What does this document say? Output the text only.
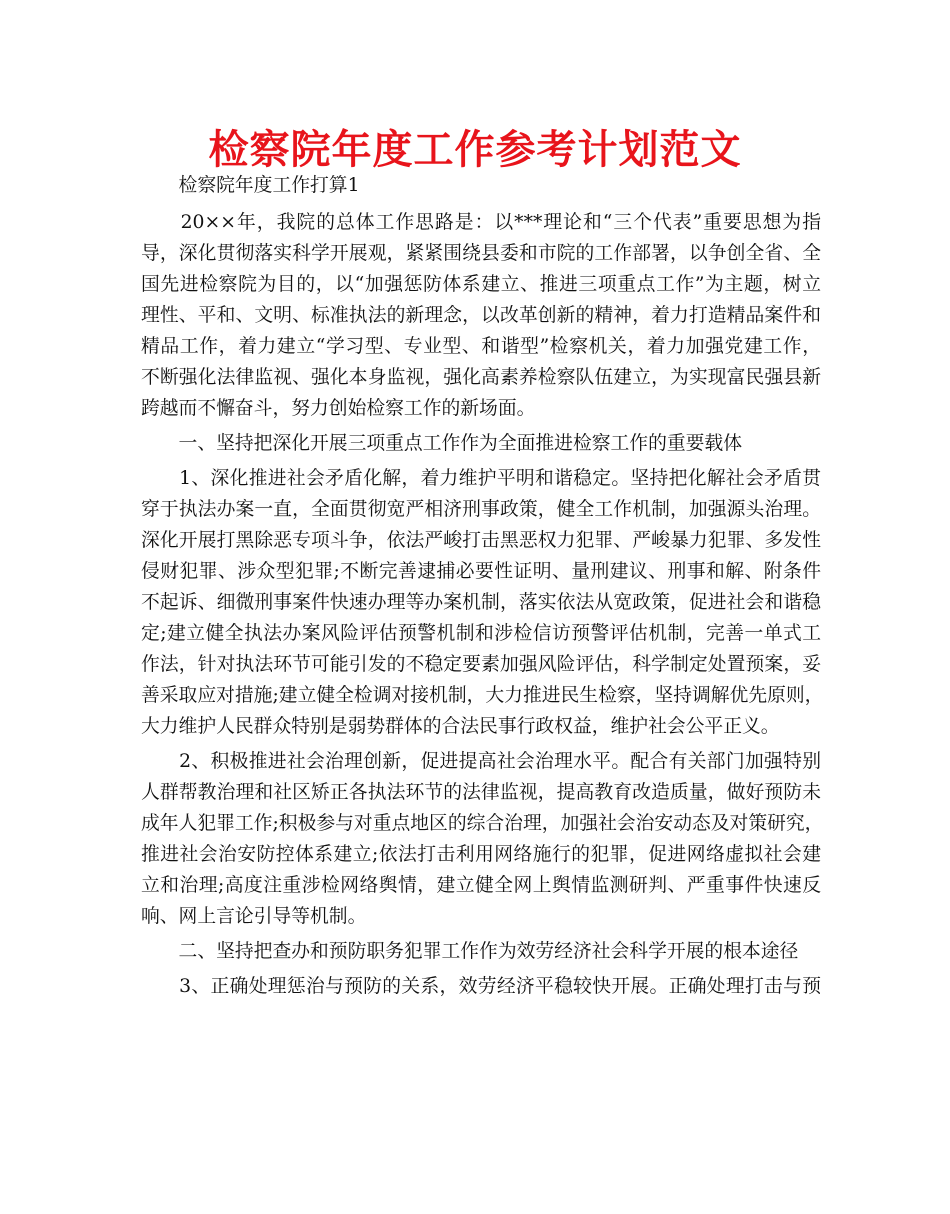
检察院年度工作参考计划范文
　　检察院年度工作打算1
　　20××年，我院的总体工作思路是：以***理论和“三个代表”重要思想为指
导，深化贯彻落实科学开展观，紧紧围绕县委和市院的工作部署，以争创全省、全
国先进检察院为目的，以“加强惩防体系建立、推进三项重点工作”为主题，树立
理性、平和、文明、标准执法的新理念，以改革创新的精神，着力打造精品案件和
精品工作，着力建立“学习型、专业型、和谐型”检察机关，着力加强党建工作，
不断强化法律监视、强化本身监视，强化高素养检察队伍建立，为实现富民强县新
跨越而不懈奋斗，努力创始检察工作的新场面。
　　一、坚持把深化开展三项重点工作作为全面推进检察工作的重要载体
　　1、深化推进社会矛盾化解，着力维护平明和谐稳定。坚持把化解社会矛盾贯
穿于执法办案一直，全面贯彻宽严相济刑事政策，健全工作机制，加强源头治理。
深化开展打黑除恶专项斗争，依法严峻打击黑恶权力犯罪、严峻暴力犯罪、多发性
侵财犯罪、涉众型犯罪;不断完善逮捕必要性证明、量刑建议、刑事和解、附条件
不起诉、细微刑事案件快速办理等办案机制，落实依法从宽政策，促进社会和谐稳
定;建立健全执法办案风险评估预警机制和涉检信访预警评估机制，完善一单式工
作法，针对执法环节可能引发的不稳定要素加强风险评估，科学制定处置预案，妥
善采取应对措施;建立健全检调对接机制，大力推进民生检察，坚持调解优先原则，
大力维护人民群众特别是弱势群体的合法民事行政权益，维护社会公平正义。
　　2、积极推进社会治理创新，促进提高社会治理水平。配合有关部门加强特别
人群帮教治理和社区矫正各执法环节的法律监视，提高教育改造质量，做好预防未
成年人犯罪工作;积极参与对重点地区的综合治理，加强社会治安动态及对策研究，
推进社会治安防控体系建立;依法打击利用网络施行的犯罪，促进网络虚拟社会建
立和治理;高度注重涉检网络舆情，建立健全网上舆情监测研判、严重事件快速反
响、网上言论引导等机制。
　　二、坚持把查办和预防职务犯罪工作作为效劳经济社会科学开展的根本途径
　　3、正确处理惩治与预防的关系，效劳经济平稳较快开展。正确处理打击与预
